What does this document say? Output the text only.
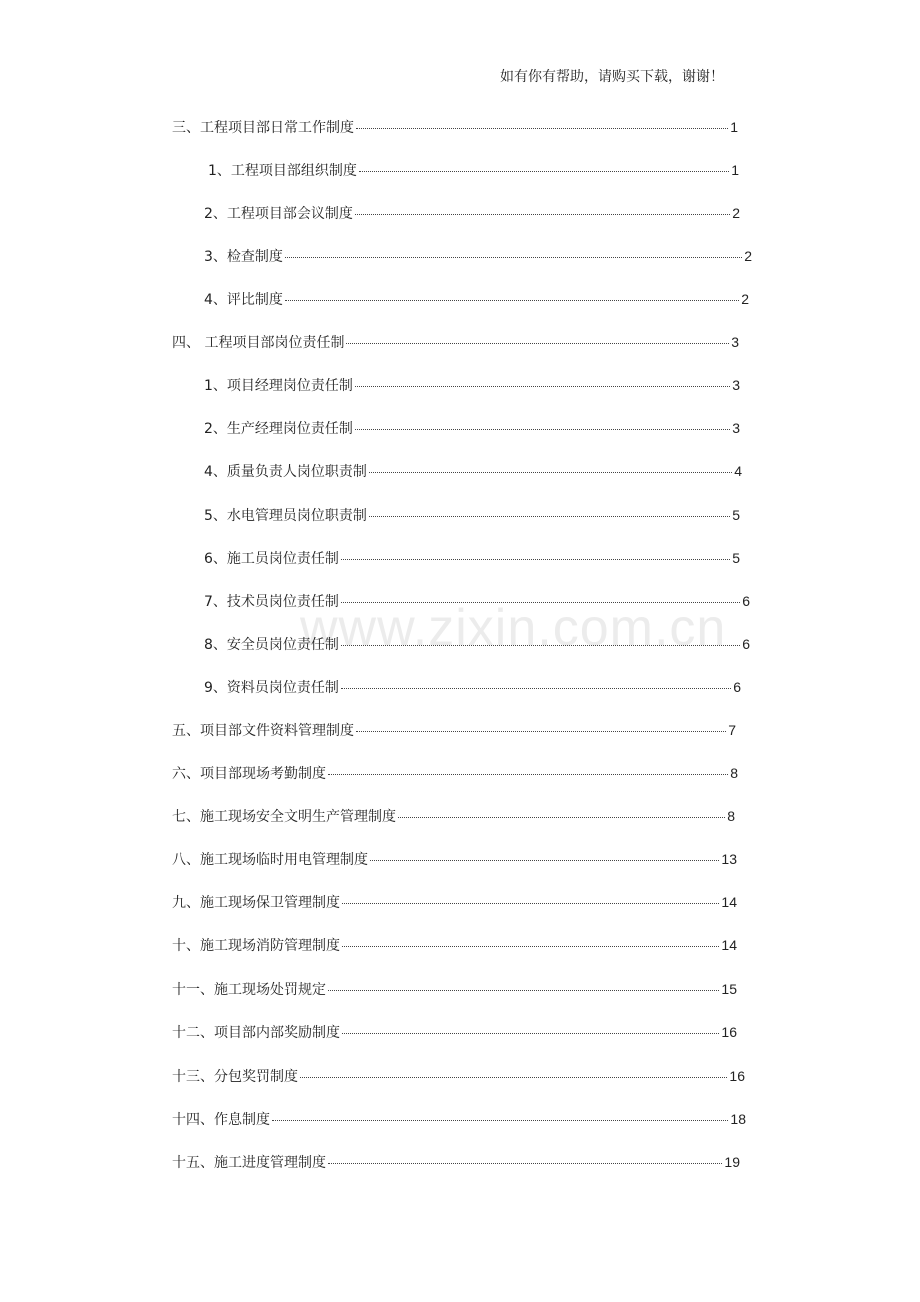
如有你有帮助，请购买下载，谢谢！
www.zixin.com.cn
三、工程项目部日常工作制度	1
1、工程项目部组织制度	1
2、工程项目部会议制度	2
3、检查制度	2
4、评比制度	2
四、 工程项目部岗位责任制	3
1、项目经理岗位责任制	3
2、生产经理岗位责任制	3
4、质量负责人岗位职责制	4
5、水电管理员岗位职责制	5
6、施工员岗位责任制	5
7、技术员岗位责任制	6
8、安全员岗位责任制	6
9、资料员岗位责任制	6
五、项目部文件资料管理制度	7
六、项目部现场考勤制度	8
七、施工现场安全文明生产管理制度	8
八、施工现场临时用电管理制度	13
九、施工现场保卫管理制度	14
十、施工现场消防管理制度	14
十一、施工现场处罚规定	15
十二、项目部内部奖励制度	16
十三、分包奖罚制度	16
十四、作息制度	18
十五、施工进度管理制度	19
